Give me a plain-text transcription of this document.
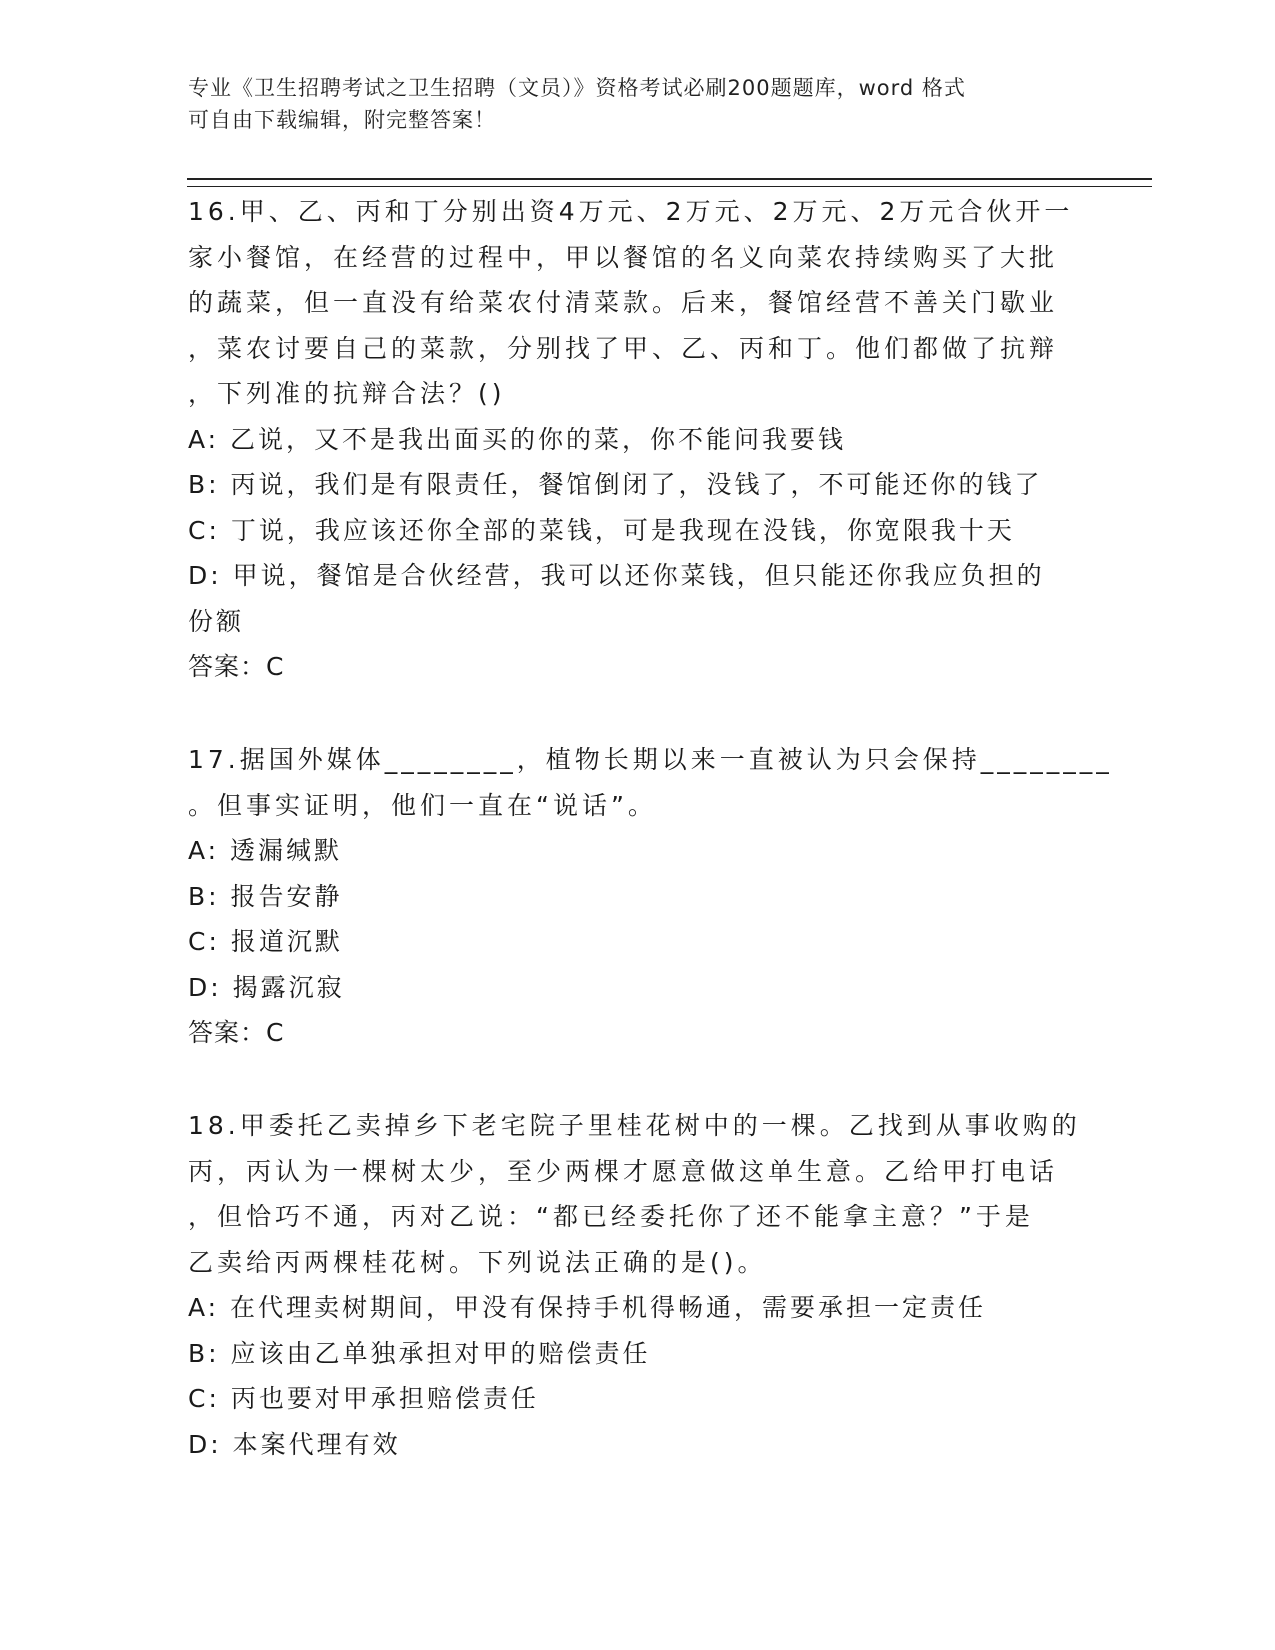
专业《卫生招聘考试之卫生招聘（文员）》资格考试必刷200题题库，word 格式
可自由下载编辑，附完整答案！
16.甲、乙、丙和丁分别出资4万元、2万元、2万元、2万元合伙开一
家小餐馆，在经营的过程中，甲以餐馆的名义向菜农持续购买了大批
的蔬菜，但一直没有给菜农付清菜款。后来，餐馆经营不善关门歇业
，菜农讨要自己的菜款，分别找了甲、乙、丙和丁。他们都做了抗辩
，下列准的抗辩合法？()
A: 乙说，又不是我出面买的你的菜，你不能问我要钱
B: 丙说，我们是有限责任，餐馆倒闭了，没钱了，不可能还你的钱了
C: 丁说，我应该还你全部的菜钱，可是我现在没钱，你宽限我十天
D: 甲说，餐馆是合伙经营，我可以还你菜钱，但只能还你我应负担的
份额
答案：C
17.据国外媒体________，植物长期以来一直被认为只会保持________
。但事实证明，他们一直在“说话”。
A: 透漏缄默
B: 报告安静
C: 报道沉默
D: 揭露沉寂
答案：C
18.甲委托乙卖掉乡下老宅院子里桂花树中的一棵。乙找到从事收购的
丙，丙认为一棵树太少，至少两棵才愿意做这单生意。乙给甲打电话
，但恰巧不通，丙对乙说：“都已经委托你了还不能拿主意？”于是
乙卖给丙两棵桂花树。下列说法正确的是()。
A: 在代理卖树期间，甲没有保持手机得畅通，需要承担一定责任
B: 应该由乙单独承担对甲的赔偿责任
C: 丙也要对甲承担赔偿责任
D: 本案代理有效
